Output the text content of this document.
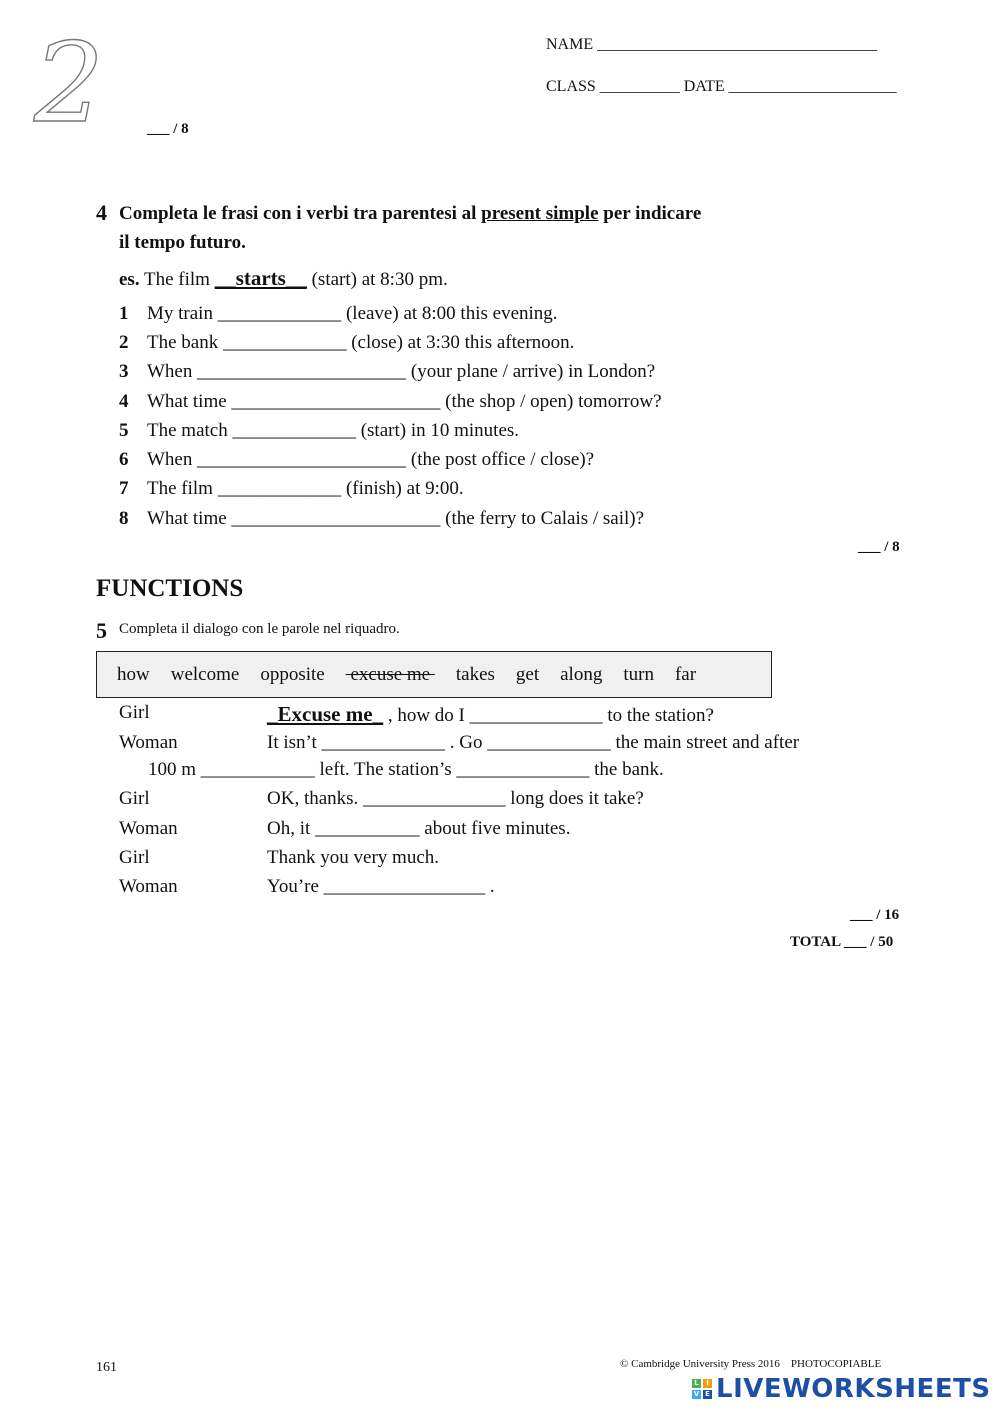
2	NAME ___________________________________
CLASS __________ DATE _____________________
___ / 8
4 Completa le frasi con i verbi tra parentesi al present simple per indicare
il tempo futuro.
es. The film __starts__ (start) at 8:30 pm.
1 My train _____________ (leave) at 8:00 this evening.
2 The bank _____________ (close) at 3:30 this afternoon.
3 When ______________________ (your plane / arrive) in London?
4 What time ______________________ (the shop / open) tomorrow?
5 The match _____________ (start) in 10 minutes.
6 When ______________________ (the post office / close)?
7 The film _____________ (finish) at 9:00.
8 What time ______________________ (the ferry to Calais / sail)?
___ / 8
FUNCTIONS
5 Completa il dialogo con le parole nel riquadro.
how welcome opposite excuse me takes get along turn far
Girl	_Excuse me_ , how do I ______________ to the station?
Woman	It isn’t _____________ . Go _____________ the main street and after
100 m ____________ left. The station’s ______________ the bank.
Girl	OK, thanks. _______________ long does it take?
Woman	Oh, it ___________ about five minutes.
Girl	Thank you very much.
Woman	You’re _________________ .
___ / 16
TOTAL ___ / 50
161	© Cambridge University Press 2016 PHOTOCOPIABLE
L	I
V E LIVEWORKSHEETS
